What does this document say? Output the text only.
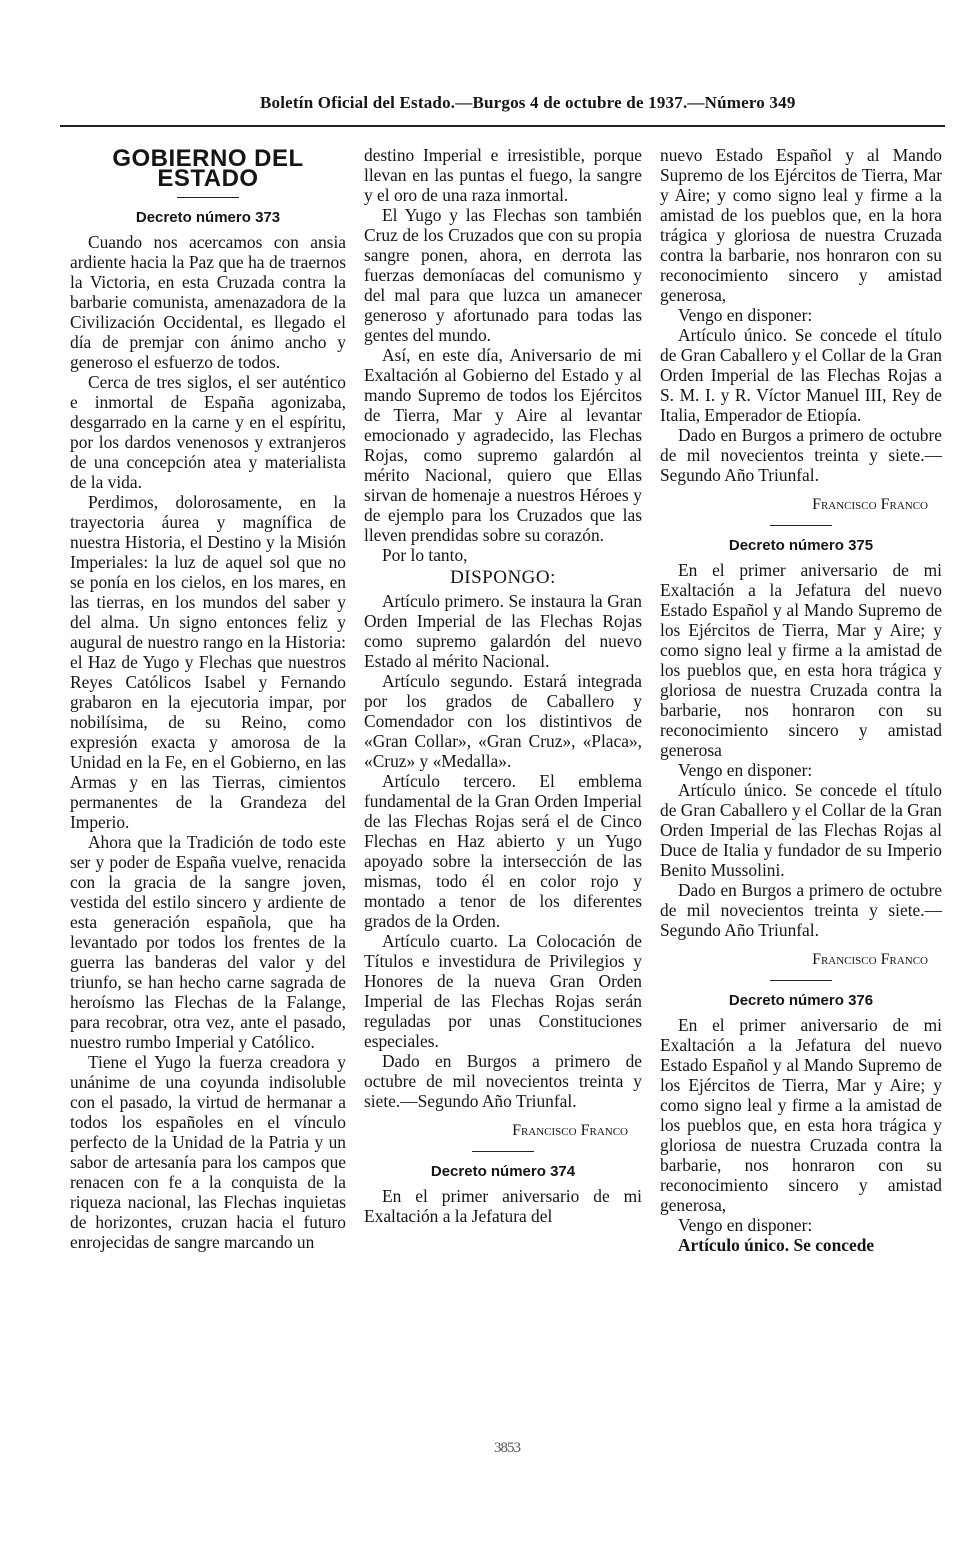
Boletín Oficial del Estado.—Burgos 4 de octubre de 1937.—Número 349
GOBIERNO DEL ESTADO
Decreto número 373

Cuando nos acercamos con ansia ardiente hacia la Paz que ha de traernos la Victoria, en esta Cruzada contra la barbarie comunista, amenazadora de la Civilización Occidental, es llegado el día de premjar con ánimo ancho y generoso el esfuerzo de todos.

Cerca de tres siglos, el ser auténtico e inmortal de España agonizaba, desgarrado en la carne y en el espíritu, por los dardos venenosos y extranjeros de una concepción atea y materialista de la vida.

Perdimos, dolorosamente, en la trayectoria áurea y magnífica de nuestra Historia, el Destino y la Misión Imperiales: la luz de aquel sol que no se ponía en los cielos, en los mares, en las tierras, en los mundos del saber y del alma. Un signo entonces feliz y augural de nuestro rango en la Historia: el Haz de Yugo y Flechas que nuestros Reyes Católicos Isabel y Fernando grabaron en la ejecutoria impar, por nobilísima, de su Reino, como expresión exacta y amorosa de la Unidad en la Fe, en el Gobierno, en las Armas y en las Tierras, cimientos permanentes de la Grandeza del Imperio.

Ahora que la Tradición de todo este ser y poder de España vuelve, renacida con la gracia de la sangre joven, vestida del estilo sincero y ardiente de esta generación española, que ha levantado por todos los frentes de la guerra las banderas del valor y del triunfo, se han hecho carne sagrada de heroísmo las Flechas de la Falange, para recobrar, otra vez, ante el pasado, nuestro rumbo Imperial y Católico.

Tiene el Yugo la fuerza creadora y unánime de una coyunda indisoluble con el pasado, la virtud de hermanar a todos los españoles en el vínculo perfecto de la Unidad de la Patria y un sabor de artesanía para los campos que renacen con fe a la conquista de la riqueza nacional, las Flechas inquietas de horizontes, cruzan hacia el futuro enrojecidas de sangre marcando un

destino Imperial e irresistible, porque llevan en las puntas el fuego, la sangre y el oro de una raza inmortal.

El Yugo y las Flechas son también Cruz de los Cruzados que con su propia sangre ponen, ahora, en derrota las fuerzas demoníacas del comunismo y del mal para que luzca un amanecer generoso y afortunado para todas las gentes del mundo.

Así, en este día, Aniversario de mi Exaltación al Gobierno del Estado y al mando Supremo de todos los Ejércitos de Tierra, Mar y Aire al levantar emocionado y agradecido, las Flechas Rojas, como supremo galardón al mérito Nacional, quiero que Ellas sirvan de homenaje a nuestros Héroes y de ejemplo para los Cruzados que las lleven prendidas sobre su corazón.

Por lo tanto,

DISPONGO:

Artículo primero. Se instaura la Gran Orden Imperial de las Flechas Rojas como supremo galardón del nuevo Estado al mérito Nacional.

Artículo segundo. Estará integrada por los grados de Caballero y Comendador con los distintivos de «Gran Collar», «Gran Cruz», «Placa», «Cruz» y «Medalla».

Artículo tercero. El emblema fundamental de la Gran Orden Imperial de las Flechas Rojas será el de Cinco Flechas en Haz abierto y un Yugo apoyado sobre la intersección de las mismas, todo él en color rojo y montado a tenor de los diferentes grados de la Orden.

Artículo cuarto. La Colocación de Títulos e investidura de Privilegios y Honores de la nueva Gran Orden Imperial de las Flechas Rojas serán reguladas por unas Constituciones especiales.

Dado en Burgos a primero de octubre de mil novecientos treinta y siete.—Segundo Año Triunfal.

Francisco Franco
Decreto número 374

En el primer aniversario de mi Exaltación a la Jefatura del

nuevo Estado Español y al Mando Supremo de los Ejércitos de Tierra, Mar y Aire; y como signo leal y firme a la amistad de los pueblos que, en la hora trágica y gloriosa de nuestra Cruzada contra la barbarie, nos honraron con su reconocimiento sincero y amistad generosa,

Vengo en disponer:

Artículo único. Se concede el título de Gran Caballero y el Collar de la Gran Orden Imperial de las Flechas Rojas a S. M. I. y R. Víctor Manuel III, Rey de Italia, Emperador de Etiopía.

Dado en Burgos a primero de octubre de mil novecientos treinta y siete.—Segundo Año Triunfal.

Francisco Franco
Decreto número 375

En el primer aniversario de mi Exaltación a la Jefatura del nuevo Estado Español y al Mando Supremo de los Ejércitos de Tierra, Mar y Aire; y como signo leal y firme a la amistad de los pueblos que, en esta hora trágica y gloriosa de nuestra Cruzada contra la barbarie, nos honraron con su reconocimiento sincero y amistad generosa

Vengo en disponer:

Artículo único. Se concede el título de Gran Caballero y el Collar de la Gran Orden Imperial de las Flechas Rojas al Duce de Italia y fundador de su Imperio Benito Mussolini.

Dado en Burgos a primero de octubre de mil novecientos treinta y siete.—Segundo Año Triunfal.

Francisco Franco
Decreto número 376

En el primer aniversario de mi Exaltación a la Jefatura del nuevo Estado Español y al Mando Supremo de los Ejércitos de Tierra, Mar y Aire; y como signo leal y firme a la amistad de los pueblos que, en esta hora trágica y gloriosa de nuestra Cruzada contra la barbarie, nos honraron con su reconocimiento sincero y amistad generosa,

Vengo en disponer:

Artículo único. Se concede

3853
